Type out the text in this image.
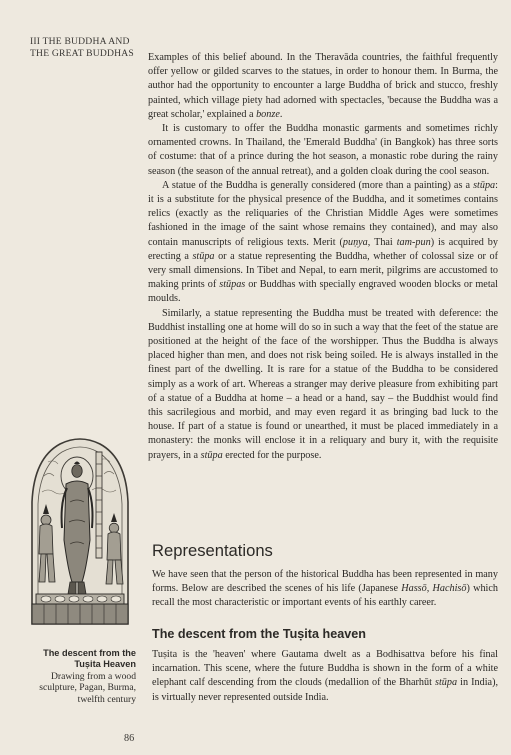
III THE BUDDHA AND
THE GREAT BUDDHAS Examples of this belief abound. In the Theravāda countries, the faithful frequently offer yellow or gilded scarves to the statues, in order to honour them. In Burma, the author had the opportunity to encounter a large Buddha of brick and stucco, freshly painted, which village piety had adorned with spectacles, 'because the Buddha was a great scholar,' explained a bonze.

It is customary to offer the Buddha monastic garments and sometimes richly ornamented crowns. In Thailand, the 'Emerald Buddha' (in Bangkok) has three sorts of costume: that of a prince during the hot season, a monastic robe during the rainy season (the season of the annual retreat), and a golden cloak during the cool season.

A statue of the Buddha is generally considered (more than a painting) as a stūpa: it is a substitute for the physical presence of the Buddha, and it sometimes contains relics (exactly as the reliquaries of the Christian Middle Ages were sometimes fashioned in the image of the saint whose remains they contained), and may also contain manuscripts of religious texts. Merit (puṇya, Thai tam-pun) is acquired by erecting a stūpa or a statue representing the Buddha, whether of colossal size or of very small dimensions. In Tibet and Nepal, to earn merit, pilgrims are accustomed to making prints of stūpas or Buddhas with specially engraved wooden blocks or metal moulds.

Similarly, a statue representing the Buddha must be treated with deference: the Buddhist installing one at home will do so in such a way that the feet of the statue are positioned at the height of the face of the worshipper. Thus the Buddha is always placed higher than men, and does not risk being soiled. He is always installed in the finest part of the dwelling. It is rare for a statue of the Buddha to be considered simply as a work of art. Whereas a stranger may derive pleasure from exhibiting part of a statue of a Buddha at home – a head or a hand, say – the Buddhist would find this sacrilegious and morbid, and may even regard it as bringing bad luck to the house. If part of a statue is found or unearthed, it must be placed immediately in a monastery: the monks will enclose it in a reliquary and bury it, with the requisite prayers, in a stūpa erected for the purpose.

Representations

We have seen that the person of the historical Buddha has been represented in many forms. Below are described the scenes of his life (Japanese Hassō, Hachisō) which recall the most characteristic or important events of his earthly career.

The descent from the Tuṣita heaven

Tuṣita is the 'heaven' where Gautama dwelt as a Bodhisattva before his final incarnation. This scene, where the future Buddha is shown in the form of a white elephant calf descending from the clouds (medallion of the Bharhūt stūpa in India), is virtually never represented outside India.

The descent from the
Tuṣita Heaven
Drawing from a wood
sculpture, Pagan, Burma,
twelfth century
86
